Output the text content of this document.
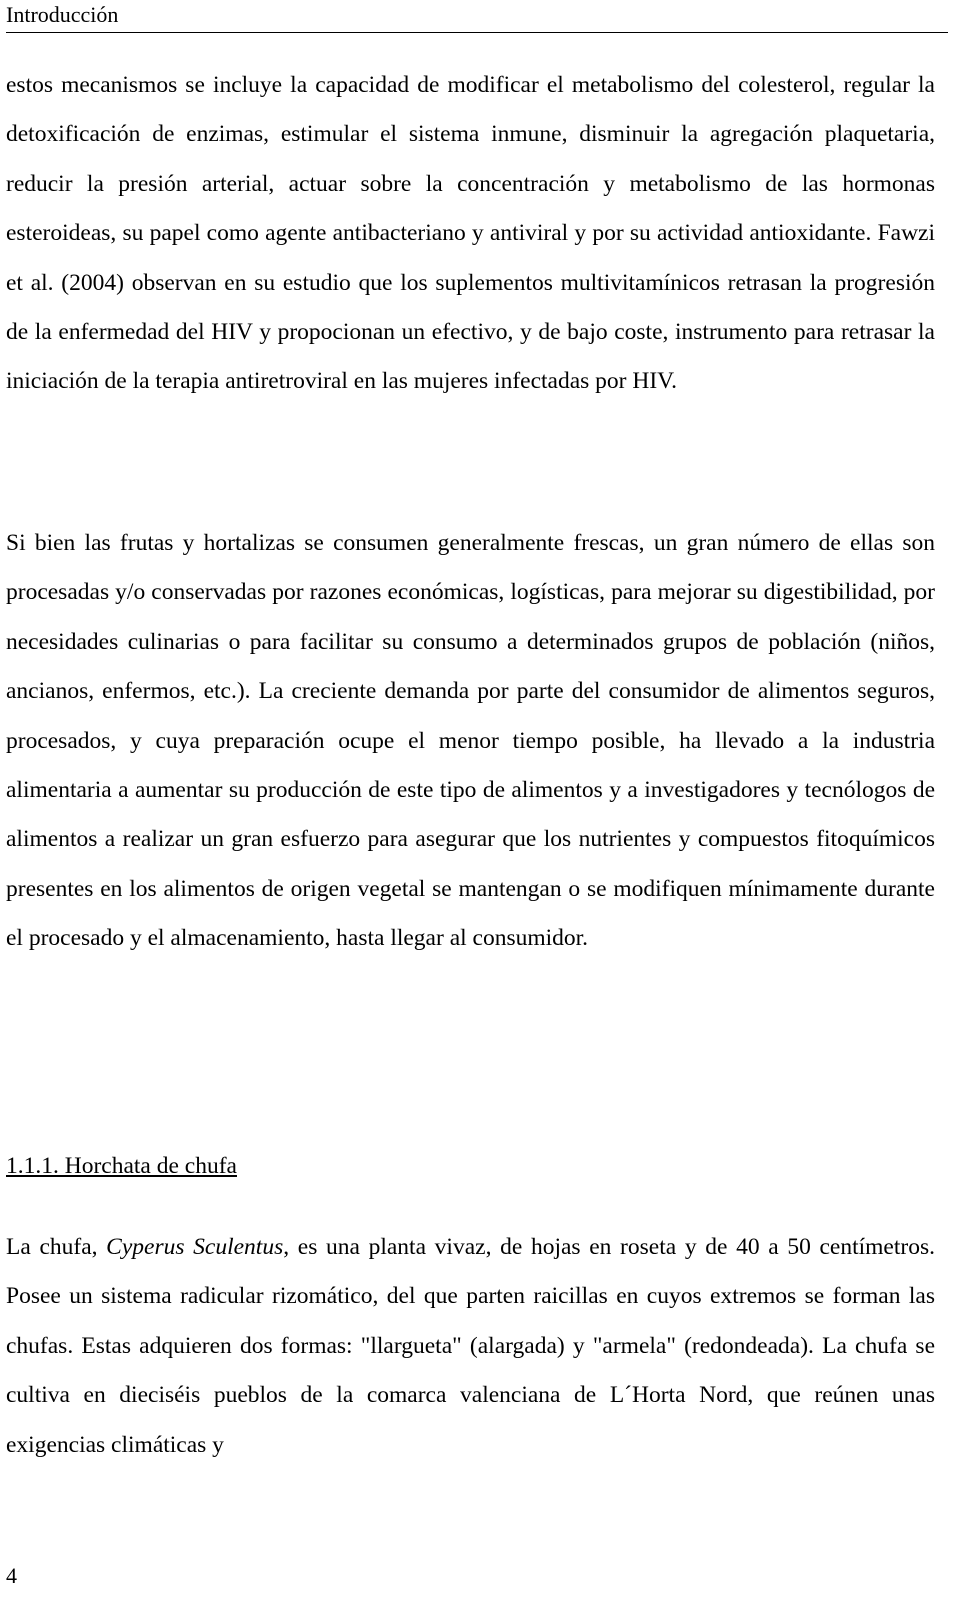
Introducción

estos mecanismos se incluye la capacidad de modificar el metabolismo del colesterol, regular la detoxificación de enzimas, estimular el sistema inmune, disminuir la agregación plaquetaria, reducir la presión arterial, actuar sobre la concentración y metabolismo de las hormonas esteroideas, su papel como agente antibacteriano y antiviral y por su actividad antioxidante. Fawzi et al. (2004) observan en su estudio que los suplementos multivitamínicos retrasan la progresión de la enfermedad del HIV y propocionan un efectivo, y de bajo coste, instrumento para retrasar la iniciación de la terapia antiretroviral en las mujeres infectadas por HIV.

Si bien las frutas y hortalizas se consumen generalmente frescas, un gran número de ellas son procesadas y/o conservadas por razones económicas, logísticas, para mejorar su digestibilidad, por necesidades culinarias o para facilitar su consumo a determinados grupos de población (niños, ancianos, enfermos, etc.). La creciente demanda por parte del consumidor de alimentos seguros, procesados, y cuya preparación ocupe el menor tiempo posible, ha llevado a la industria alimentaria a aumentar su producción de este tipo de alimentos y a investigadores y tecnólogos de alimentos a realizar un gran esfuerzo para asegurar que los nutrientes y compuestos fitoquímicos presentes en los alimentos de origen vegetal se mantengan o se modifiquen mínimamente durante el procesado y el almacenamiento, hasta llegar al consumidor.

1.1.1. Horchata de chufa

La chufa, Cyperus Sculentus, es una planta vivaz, de hojas en roseta y de 40 a 50 centímetros. Posee un sistema radicular rizomático, del que parten raicillas en cuyos extremos se forman las chufas. Estas adquieren dos formas: "llargueta" (alargada) y "armela" (redondeada). La chufa se cultiva en dieciséis pueblos de la comarca valenciana de L´Horta Nord, que reúnen unas exigencias climáticas y

4
